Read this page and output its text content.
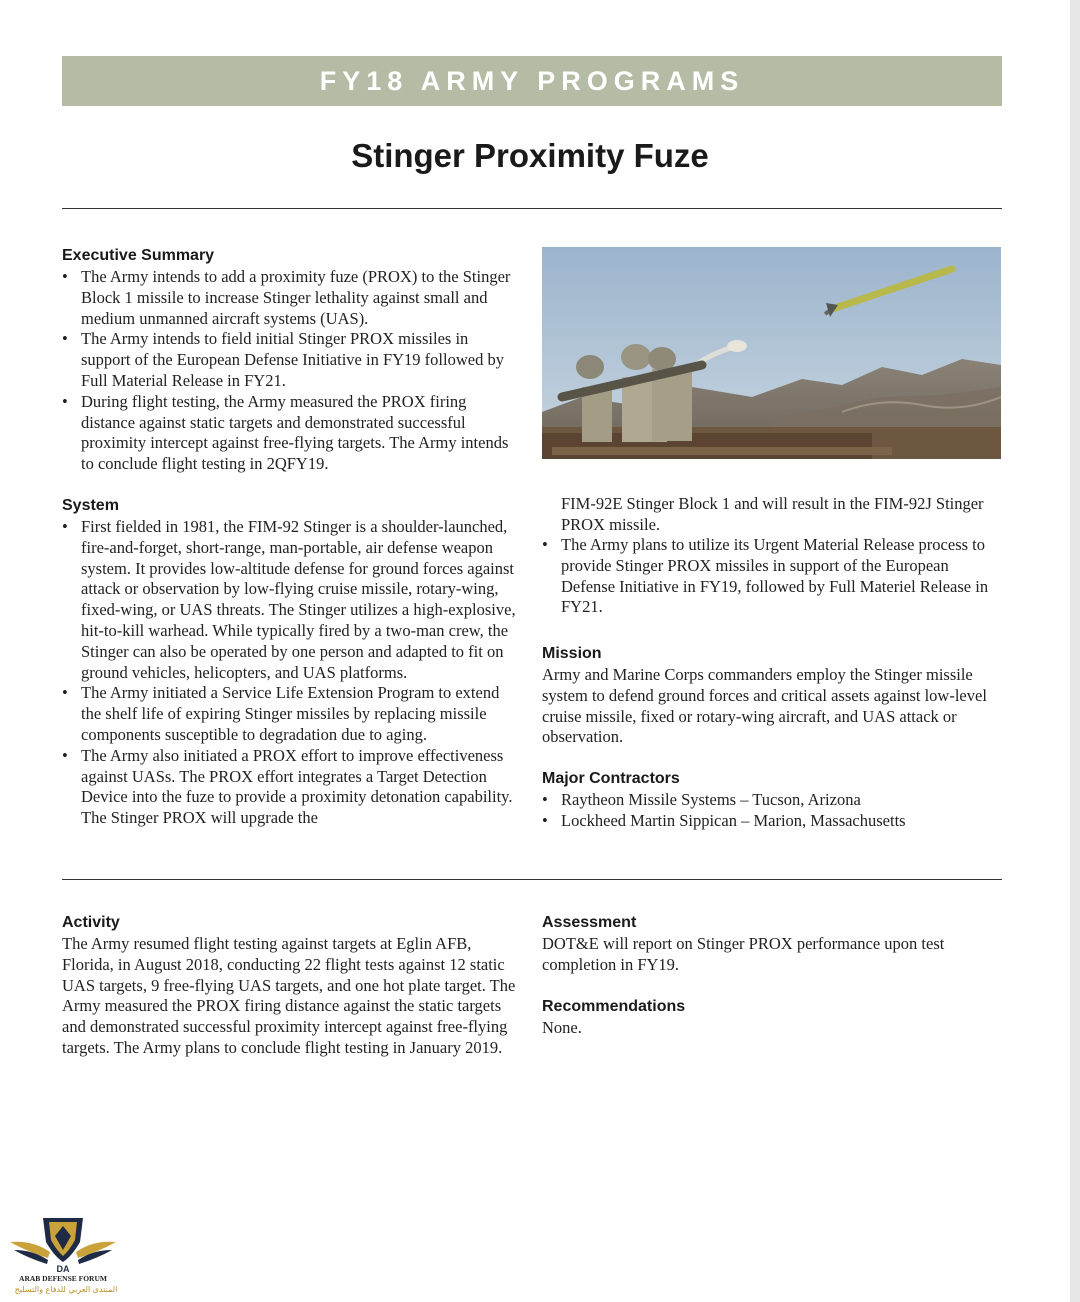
FY18 ARMY PROGRAMS
Stinger Proximity Fuze
Executive Summary
• The Army intends to add a proximity fuze (PROX) to the Stinger Block 1 missile to increase Stinger lethality against small and medium unmanned aircraft systems (UAS).
• The Army intends to field initial Stinger PROX missiles in support of the European Defense Initiative in FY19 followed by Full Material Release in FY21.
• During flight testing, the Army measured the PROX firing distance against static targets and demonstrated successful proximity intercept against free-flying targets. The Army intends to conclude flight testing in 2QFY19.
System
• First fielded in 1981, the FIM-92 Stinger is a shoulder-launched, fire-and-forget, short-range, man-portable, air defense weapon system. It provides low-altitude defense for ground forces against attack or observation by low-flying cruise missile, rotary-wing, fixed-wing, or UAS threats. The Stinger utilizes a high-explosive, hit-to-kill warhead. While typically fired by a two-man crew, the Stinger can also be operated by one person and adapted to fit on ground vehicles, helicopters, and UAS platforms.
• The Army initiated a Service Life Extension Program to extend the shelf life of expiring Stinger missiles by replacing missile components susceptible to degradation due to aging.
• The Army also initiated a PROX effort to improve effectiveness against UASs. The PROX effort integrates a Target Detection Device into the fuze to provide a proximity detonation capability. The Stinger PROX will upgrade the
FIM-92E Stinger Block 1 and will result in the FIM-92J Stinger PROX missile.
• The Army plans to utilize its Urgent Material Release process to provide Stinger PROX missiles in support of the European Defense Initiative in FY19, followed by Full Materiel Release in FY21.
Mission

Army and Marine Corps commanders employ the Stinger missile system to defend ground forces and critical assets against low-level cruise missile, fixed or rotary-wing aircraft, and UAS attack or observation.

Major Contractors
• Raytheon Missile Systems – Tucson, Arizona
• Lockheed Martin Sippican – Marion, Massachusetts
Activity

The Army resumed flight testing against targets at Eglin AFB, Florida, in August 2018, conducting 22 flight tests against 12 static UAS targets, 9 free-flying UAS targets, and one hot plate target. The Army measured the PROX firing distance against the static targets and demonstrated successful proximity intercept against free-flying targets. The Army plans to conclude flight testing in January 2019.

Assessment

DOT&E will report on Stinger PROX performance upon test completion in FY19.

Recommendations

None.

DA
ARAB DEFENSE FORUM
المنتدى العربي للدفاع والتسليح
